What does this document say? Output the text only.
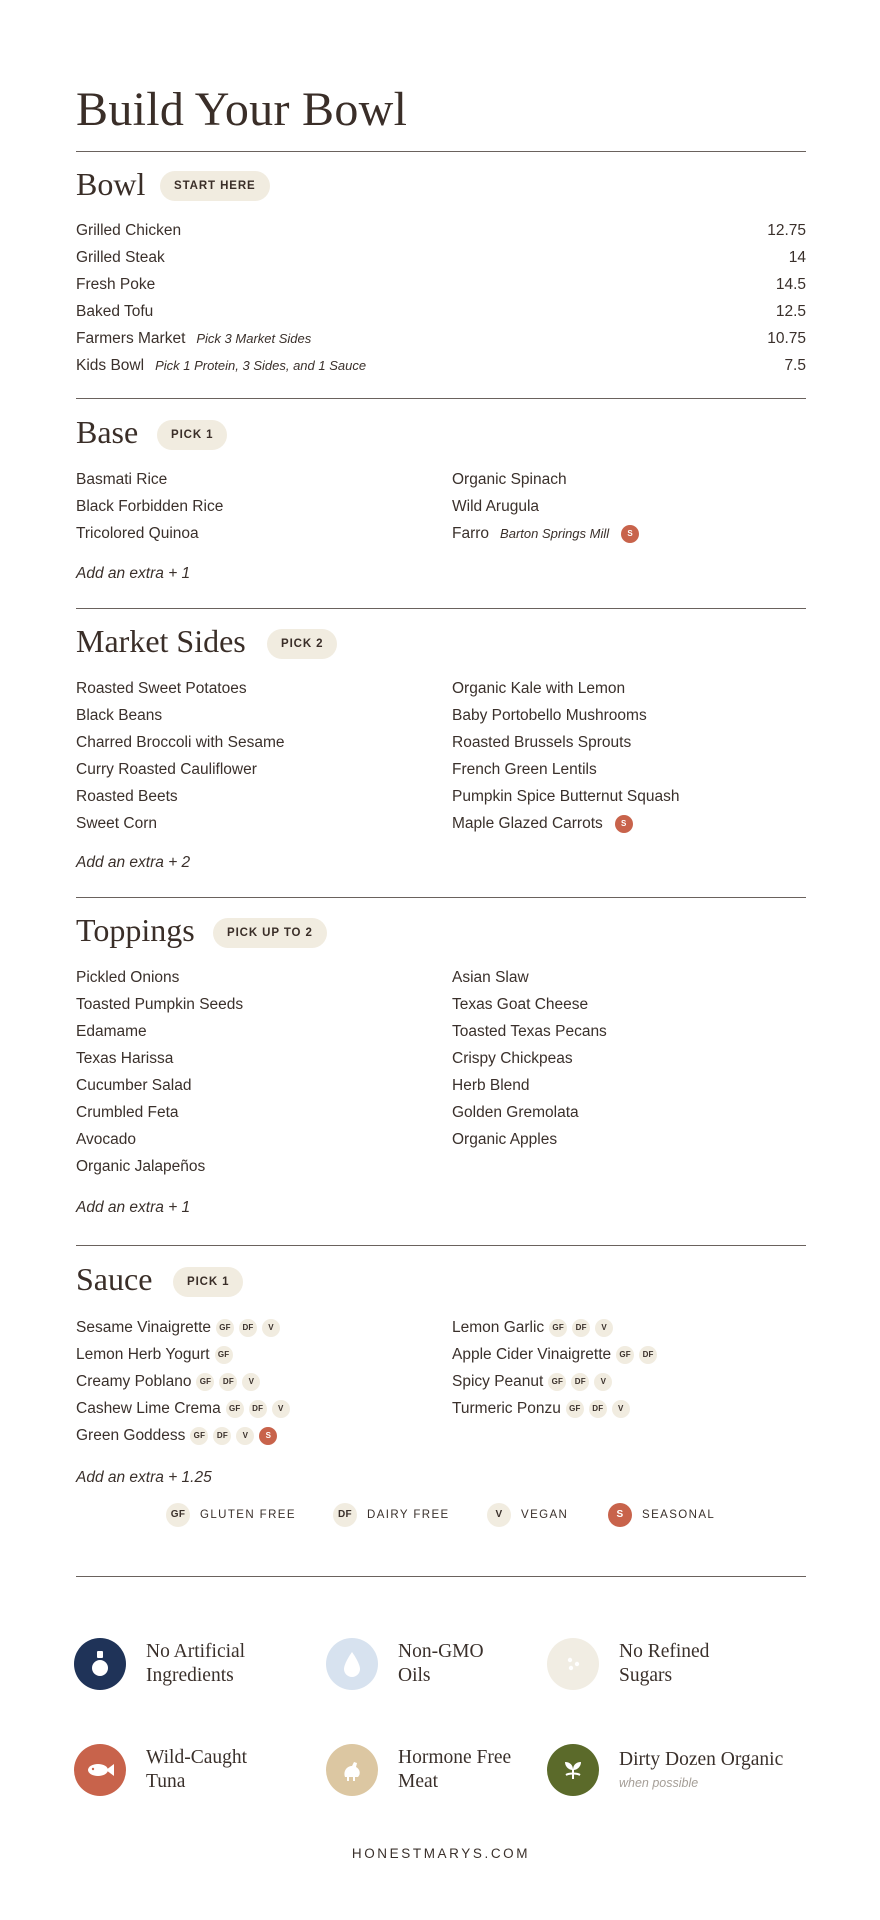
Build Your Bowl
Bowl	START HERE
Grilled Chicken	12.75
Grilled Steak	14
Fresh Poke	14.5
Baked Tofu	12.5
Farmers Market Pick 3 Market Sides	10.75
Kids Bowl Pick 1 Protein, 3 Sides, and 1 Sauce	7.5
Base	PICK 1
Basmati Rice
Black Forbidden Rice
Tricolored Quinoa
Organic Spinach
Wild Arugula
Farro Barton Springs Mill	S
Add an extra + 1
Market Sides	PICK 2
Roasted Sweet Potatoes
Black Beans
Charred Broccoli with Sesame
Curry Roasted Cauliflower
Roasted Beets
Sweet Corn
Organic Kale with Lemon
Baby Portobello Mushrooms
Roasted Brussels Sprouts
French Green Lentils
Pumpkin Spice Butternut Squash
Maple Glazed Carrots	S
Add an extra + 2
Toppings	PICK UP TO 2
Pickled Onions
Toasted Pumpkin Seeds
Edamame
Texas Harissa
Cucumber Salad
Crumbled Feta
Avocado
Organic Jalapeños
Asian Slaw
Texas Goat Cheese
Toasted Texas Pecans
Crispy Chickpeas
Herb Blend
Golden Gremolata
Organic Apples
Add an extra + 1
Sauce	PICK 1
Sesame Vinaigrette	GF	DF	V
Lemon Herb Yogurt	GF
Creamy Poblano	GF	DF	V
Cashew Lime Crema	GF	DF	V
Green Goddess	GF	DF	V	S
Lemon Garlic	GF	DF	V
Apple Cider Vinaigrette	GF	DF
Spicy Peanut	GF	DF	V
Turmeric Ponzu	GF	DF	V
Add an extra + 1.25
GF	GLUTEN FREE	DF	DAIRY FREE	V	VEGAN	S	SEASONAL
No Artificial
Ingredients
Non-GMO
Oils
No Refined
Sugars
Wild-Caught
Tuna
Hormone Free
Meat
Dirty Dozen Organic
when possible
HONESTMARYS.COM
